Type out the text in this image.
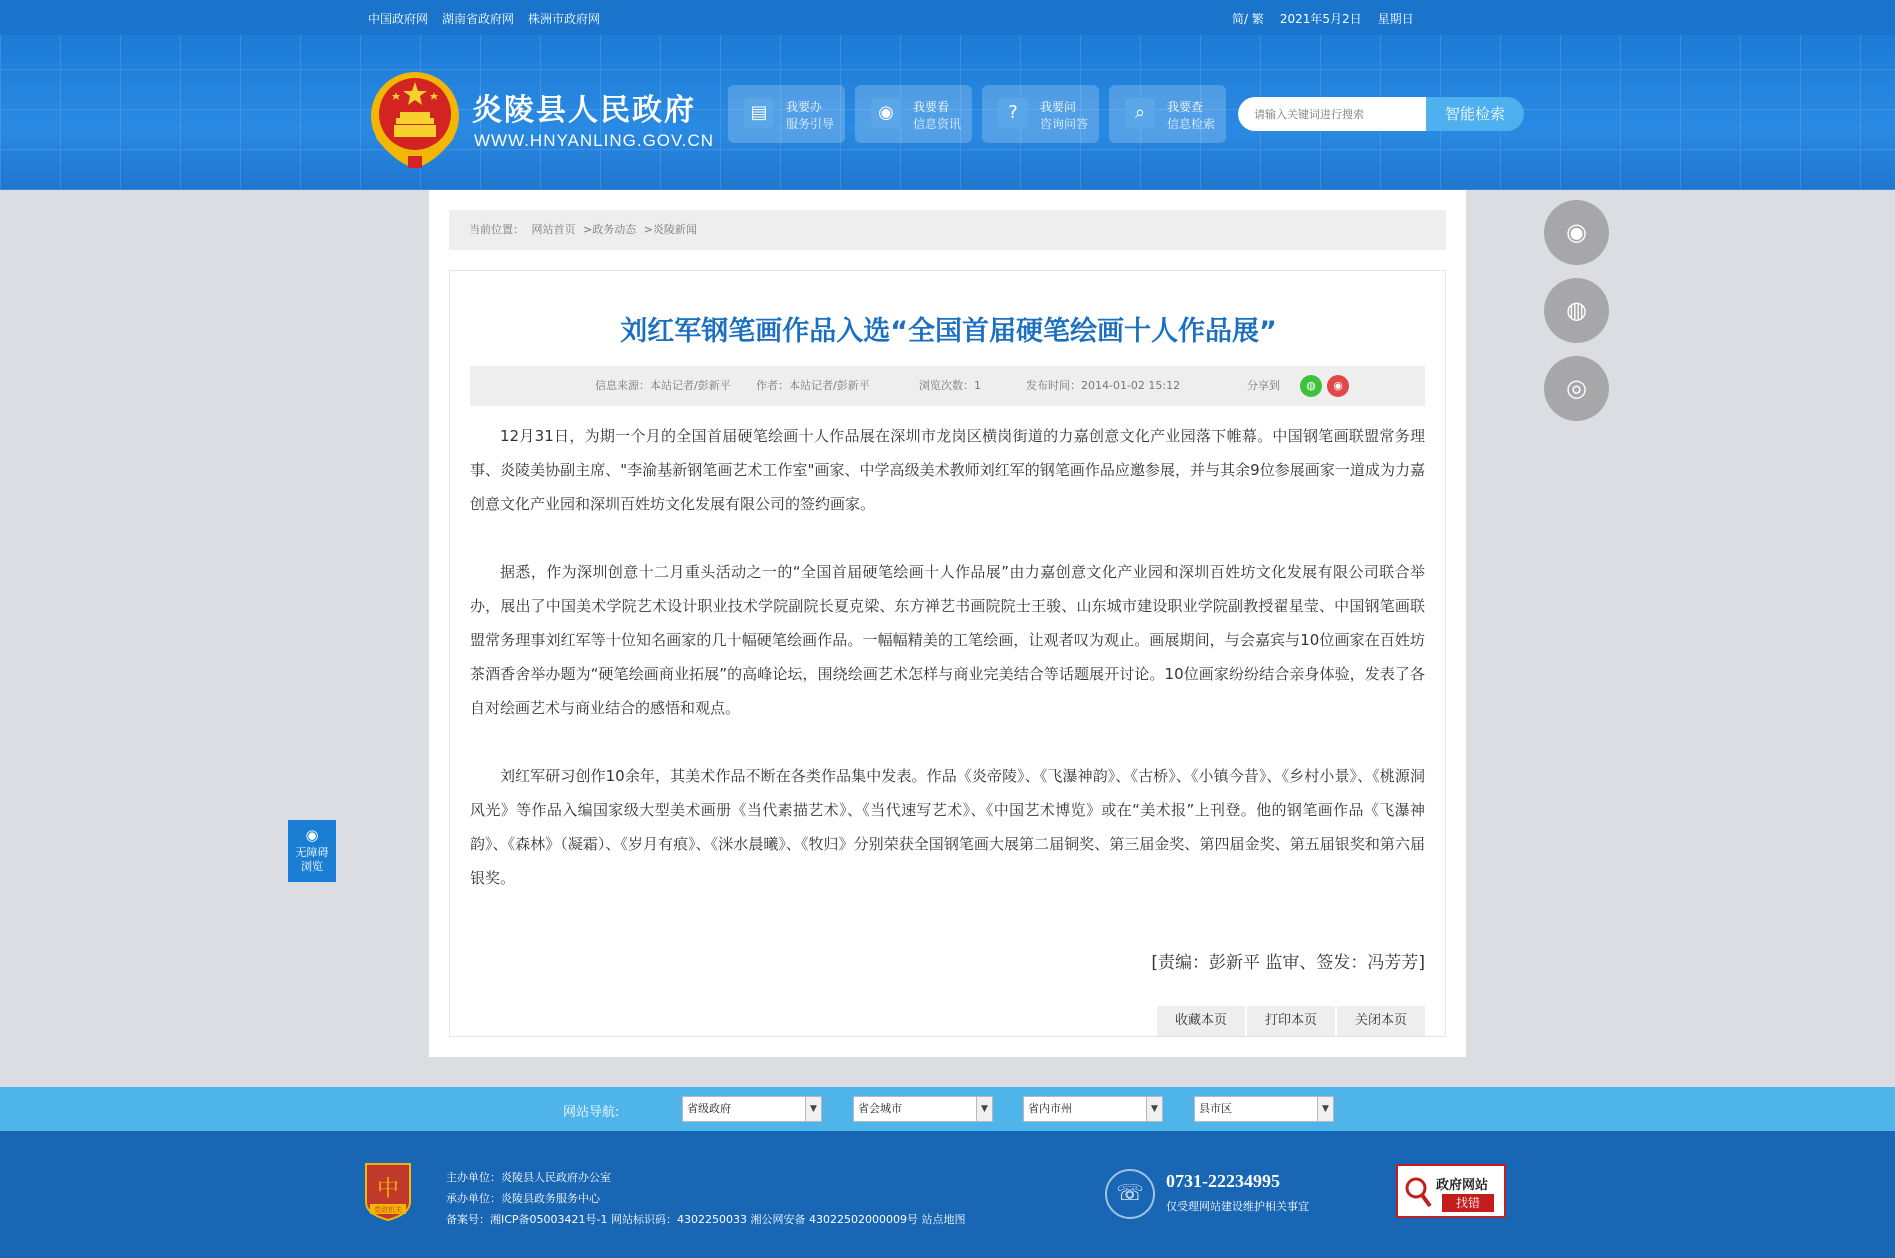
中国政府网 湖南省政府网 株洲市政府网	简/ 繁 2021年5月2日 星期日
炎陵县人民政府
WWW.HNYANLING.GOV.CN
▤	我要办
服务引导
◉	我要看
信息资讯
?	我要问
咨询问答
⌕	我要查
信息检索
请输入关键词进行搜索
智能检索
当前位置： 网站首页 >政务动态 >炎陵新闻
刘红军钢笔画作品入选“全国首届硬笔绘画十人作品展”
信息来源：本站记者/彭新平 作者：本站记者/彭新平	浏览次数：1	发布时间：2014-01-02 15:12	分享到	◍	◉

12月31日，为期一个月的全国首届硬笔绘画十人作品展在深圳市龙岗区横岗街道的力嘉创意文化产业园落下帷幕。中国钢笔画联盟常务理事、炎陵美协副主席、"李渝基新钢笔画艺术工作室"画家、中学高级美术教师刘红军的钢笔画作品应邀参展，并与其余9位参展画家一道成为力嘉创意文化产业园和深圳百姓坊文化发展有限公司的签约画家。

据悉，作为深圳创意十二月重头活动之一的“全国首届硬笔绘画十人作品展”由力嘉创意文化产业园和深圳百姓坊文化发展有限公司联合举办，展出了中国美术学院艺术设计职业技术学院副院长夏克梁、东方禅艺书画院院士王骏、山东城市建设职业学院副教授翟星莹、中国钢笔画联盟常务理事刘红军等十位知名画家的几十幅硬笔绘画作品。一幅幅精美的工笔绘画，让观者叹为观止。画展期间，与会嘉宾与10位画家在百姓坊茶酒香舍举办题为“硬笔绘画商业拓展”的高峰论坛，围绕绘画艺术怎样与商业完美结合等话题展开讨论。10位画家纷纷结合亲身体验，发表了各自对绘画艺术与商业结合的感悟和观点。

刘红军研习创作10余年，其美术作品不断在各类作品集中发表。作品《炎帝陵》、《飞瀑神韵》、《古桥》、《小镇今昔》、《乡村小景》、《桃源洞风光》等作品入编国家级大型美术画册《当代素描艺术》、《当代速写艺术》、《中国艺术博览》或在“美术报”上刊登。他的钢笔画作品《飞瀑神韵》、《森林》（凝霜）、《岁月有痕》、《洣水晨曦》、《牧归》分别荣获全国钢笔画大展第二届铜奖、第三届金奖、第四届金奖、第五届银奖和第六届银奖。

[责编：彭新平 监审、签发：冯芳芳]
收藏本页	打印本页	关闭本页
◉
◍
◎
◉
无障碍
浏览
网站导航:	省级政府	▼	省会城市	▼	省内市州	▼	县市区	▼
中
党政机关
主办单位：炎陵县人民政府办公室
承办单位：炎陵县政务服务中心
备案号：湘ICP备05003421号-1 网站标识码：4302250033 湘公网安备 43022502000009号 站点地图
☏	0731-22234995
仅受理网站建设维护相关事宜
政府网站
找错
